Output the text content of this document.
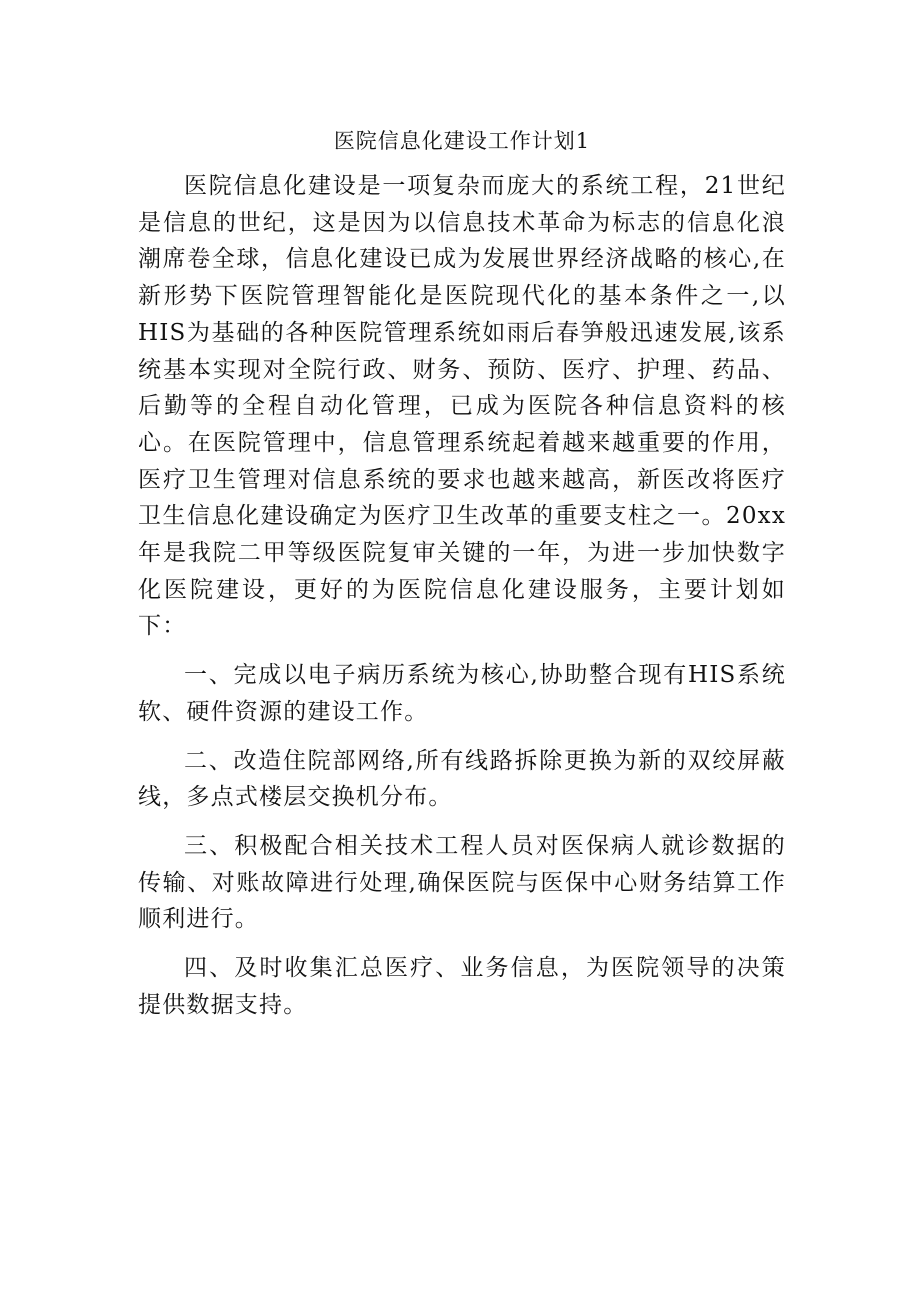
医院信息化建设工作计划1

医院信息化建设是一项复杂而庞大的系统工程，21世纪是信息的世纪，这是因为以信息技术革命为标志的信息化浪潮席卷全球，信息化建设已成为发展世界经济战略的核心,在新形势下医院管理智能化是医院现代化的基本条件之一,以HIS为基础的各种医院管理系统如雨后春笋般迅速发展,该系统基本实现对全院行政、财务、预防、医疗、护理、药品、后勤等的全程自动化管理，已成为医院各种信息资料的核心。在医院管理中，信息管理系统起着越来越重要的作用，医疗卫生管理对信息系统的要求也越来越高，新医改将医疗卫生信息化建设确定为医疗卫生改革的重要支柱之一。20xx年是我院二甲等级医院复审关键的一年，为进一步加快数字化医院建设，更好的为医院信息化建设服务，主要计划如下：

一、完成以电子病历系统为核心,协助整合现有HIS系统软、硬件资源的建设工作。

二、改造住院部网络,所有线路拆除更换为新的双绞屏蔽线，多点式楼层交换机分布。

三、积极配合相关技术工程人员对医保病人就诊数据的传输、对账故障进行处理,确保医院与医保中心财务结算工作顺利进行。

四、及时收集汇总医疗、业务信息，为医院领导的决策提供数据支持。
